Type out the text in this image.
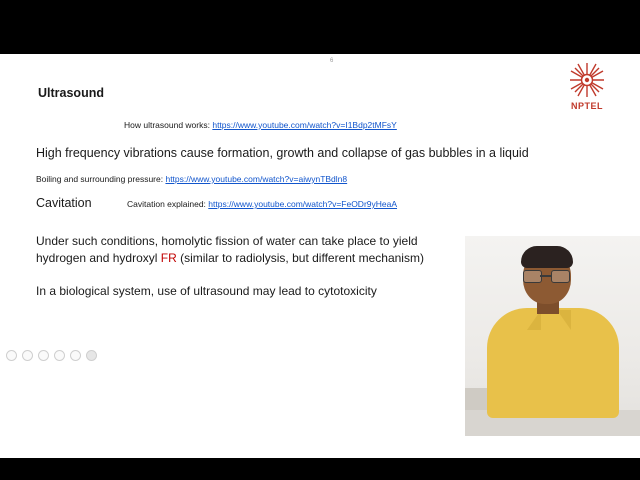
6
NPTEL
Ultrasound
How ultrasound works: https://www.youtube.com/watch?v=I1Bdp2tMFsY
High frequency vibrations cause formation, growth and collapse of gas bubbles in a liquid
Boiling and surrounding pressure: https://www.youtube.com/watch?v=aiwynTBdln8
Cavitation	Cavitation explained: https://www.youtube.com/watch?v=FeODr9yHeaA
Under such conditions, homolytic fission of water can take place to yield
hydrogen and hydroxyl FR (similar to radiolysis, but different mechanism)
In a biological system, use of ultrasound may lead to cytotoxicity
